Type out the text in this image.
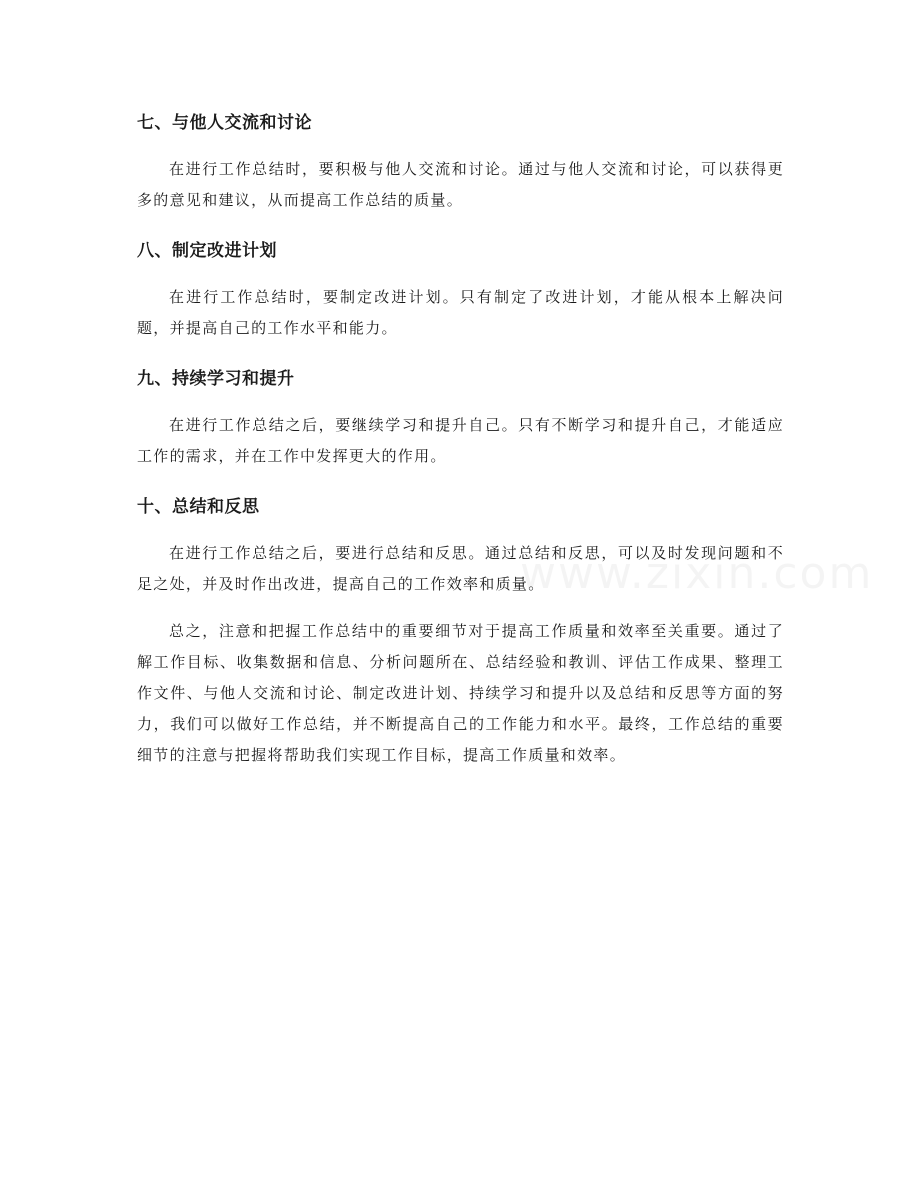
七、与他人交流和讨论

在进行工作总结时，要积极与他人交流和讨论。通过与他人交流和讨论，可以获得更多的意见和建议，从而提高工作总结的质量。

八、制定改进计划

在进行工作总结时，要制定改进计划。只有制定了改进计划，才能从根本上解决问题，并提高自己的工作水平和能力。

九、持续学习和提升

在进行工作总结之后，要继续学习和提升自己。只有不断学习和提升自己，才能适应工作的需求，并在工作中发挥更大的作用。

十、总结和反思

在进行工作总结之后，要进行总结和反思。通过总结和反思，可以及时发现问题和不足之处，并及时作出改进，提高自己的工作效率和质量。

总之，注意和把握工作总结中的重要细节对于提高工作质量和效率至关重要。通过了解工作目标、收集数据和信息、分析问题所在、总结经验和教训、评估工作成果、整理工作文件、与他人交流和讨论、制定改进计划、持续学习和提升以及总结和反思等方面的努力，我们可以做好工作总结，并不断提高自己的工作能力和水平。最终，工作总结的重要细节的注意与把握将帮助我们实现工作目标，提高工作质量和效率。
